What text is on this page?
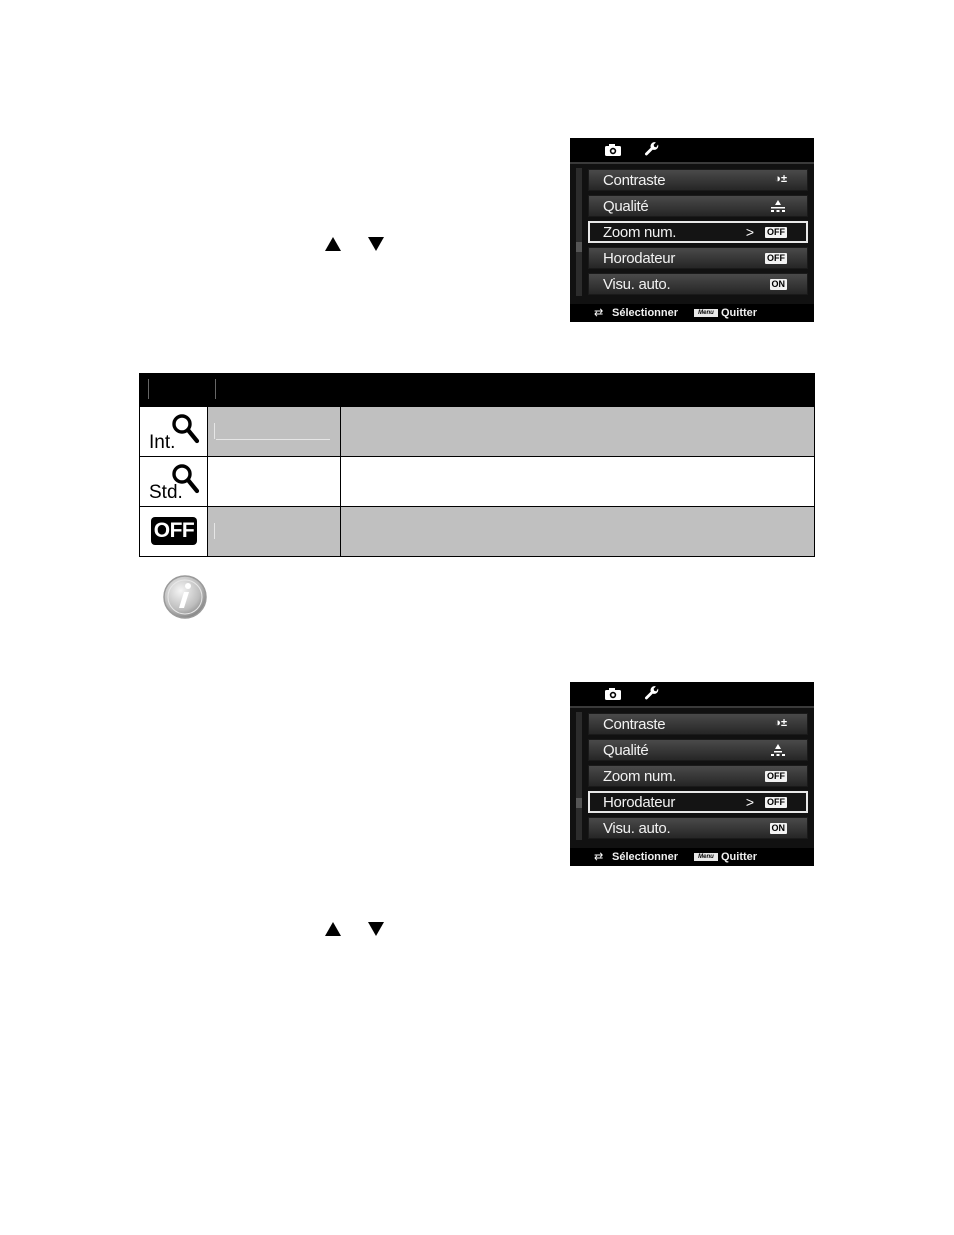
Contraste	◑±
Qualité
Zoom num.	> OFF
Horodateur	OFF
Visu. auto.	ON
⇄ Sélectionner	Menu Quitter
Int.
Std.
OFF
Contraste	◑±
Qualité
Zoom num.	OFF
Horodateur	> OFF
Visu. auto.	ON
⇄ Sélectionner	Menu Quitter
